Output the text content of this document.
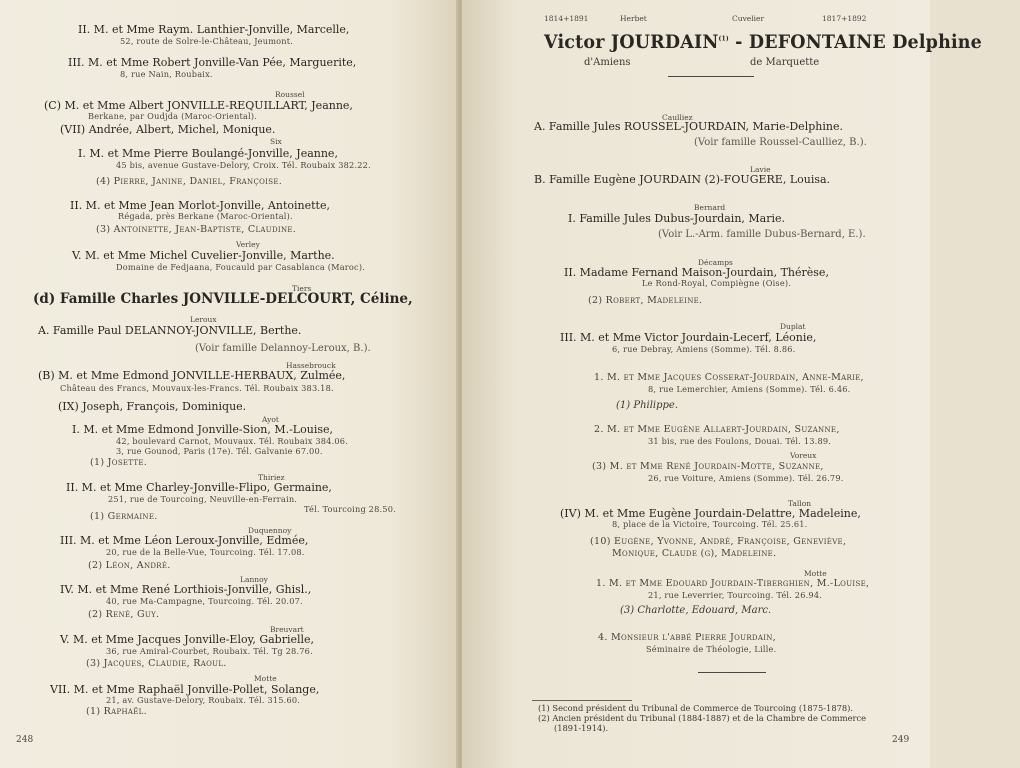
II. M. et Mme Raym. Lanthier-Jonville, Marcelle,
52, route de Solre-le-Château, Jeumont.
III. M. et Mme Robert Jonville-Van Pée, Marguerite,
8, rue Nain, Roubaix.
Roussel
(C) M. et Mme Albert JONVILLE-REQUILLART, Jeanne,
Berkane, par Oudjda (Maroc-Oriental).
(VII) Andrée, Albert, Michel, Monique.
Six
I. M. et Mme Pierre Boulangé-Jonville, Jeanne,
45 bis, avenue Gustave-Delory, Croix. Tél. Roubaix 382.22.
(4) Pierre, Janine, Daniel, Françoise.
II. M. et Mme Jean Morlot-Jonville, Antoinette,
Régada, près Berkane (Maroc-Oriental).
(3) Antoinette, Jean-Baptiste, Claudine.
Verley
V. M. et Mme Michel Cuvelier-Jonville, Marthe.
Domaine de Fedjaana, Foucauld par Casablanca (Maroc).
Tiers
(d) Famille Charles JONVILLE-DELCOURT, Céline,
Leroux
A. Famille Paul DELANNOY-JONVILLE, Berthe.
(Voir famille Delannoy-Leroux, B.).
Hassebrouck
(B) M. et Mme Edmond JONVILLE-HERBAUX, Zulmée,
Château des Francs, Mouvaux-les-Francs. Tél. Roubaix 383.18.
(IX) Joseph, François, Dominique.
Ayot
I. M. et Mme Edmond Jonville-Sion, M.-Louise,
42, boulevard Carnot, Mouvaux. Tél. Roubaix 384.06.
3, rue Gounod, Paris (17e). Tél. Galvanie 67.00.
(1) Josette.
Thiriez
II. M. et Mme Charley-Jonville-Flipo, Germaine,
251, rue de Tourcoing, Neuville-en-Ferrain.
Tél. Tourcoing 28.50.
(1) Germaine.
Duquennoy
III. M. et Mme Léon Leroux-Jonville, Edmée,
20, rue de la Belle-Vue, Tourcoing. Tél. 17.08.
(2) Léon, André.
Lannoy
IV. M. et Mme René Lorthiois-Jonville, Ghisl.,
40, rue Ma-Campagne, Tourcoing. Tél. 20.07.
(2) René, Guy.
Breuvart
V. M. et Mme Jacques Jonville-Eloy, Gabrielle,
36, rue Amiral-Courbet, Roubaix. Tél. Tg 28.76.
(3) Jacques, Claudie, Raoul.
Motte
VII. M. et Mme Raphaël Jonville-Pollet, Solange,
21, av. Gustave-Delory, Roubaix. Tél. 315.60.
(1) Raphaël.
248
1814+1891	Herbet	Cuvelier	1817+1892
Victor JOURDAIN$^{(1)}$ - DEFONTAINE Delphine
d'Amiens	de Marquette
(1) Second président du Tribunal de Commerce de Tourcoing (1875-1878).
(2) Ancien président du Tribunal (1884-1887) et de la Chambre de Commerce
(1891-1914).
249
Caulliez
A. Famille Jules ROUSSEL-JOURDAIN, Marie-Delphine.
(Voir famille Roussel-Caulliez, B.).
Lavie
B. Famille Eugène JOURDAIN (2)-FOUGERE, Louisa.
Bernard
I. Famille Jules Dubus-Jourdain, Marie.
(Voir L.-Arm. famille Dubus-Bernard, E.).
Décamps
II. Madame Fernand Maison-Jourdain, Thérèse,
Le Rond-Royal, Compiègne (Oise).
(2) Robert, Madeleine.
Duplat
III. M. et Mme Victor Jourdain-Lecerf, Léonie,
6, rue Debray, Amiens (Somme). Tél. 8.86.
1. M. et Mme Jacques Cosserat-Jourdain, Anne-Marie,
8, rue Lemerchier, Amiens (Somme). Tél. 6.46.
(1) Philippe.
2. M. et Mme Eugène Allaert-Jourdain, Suzanne,
31 bis, rue des Foulons, Douai. Tél. 13.89.
Voreux
(3) M. et Mme René Jourdain-Motte, Suzanne,
26, rue Voiture, Amiens (Somme). Tél. 26.79.
Tallon
(IV) M. et Mme Eugène Jourdain-Delattre, Madeleine,
8, place de la Victoire, Tourcoing. Tél. 25.61.
(10) Eugène, Yvonne, André, Françoise, Geneviève,
Monique, Claude (g), Madeleine.
Motte
1. M. et Mme Edouard Jourdain-Tiberghien, M.-Louise,
21, rue Leverrier, Tourcoing. Tél. 26.94.
(3) Charlotte, Edouard, Marc.
4. Monsieur l'abbé Pierre Jourdain,
Séminaire de Théologie, Lille.
